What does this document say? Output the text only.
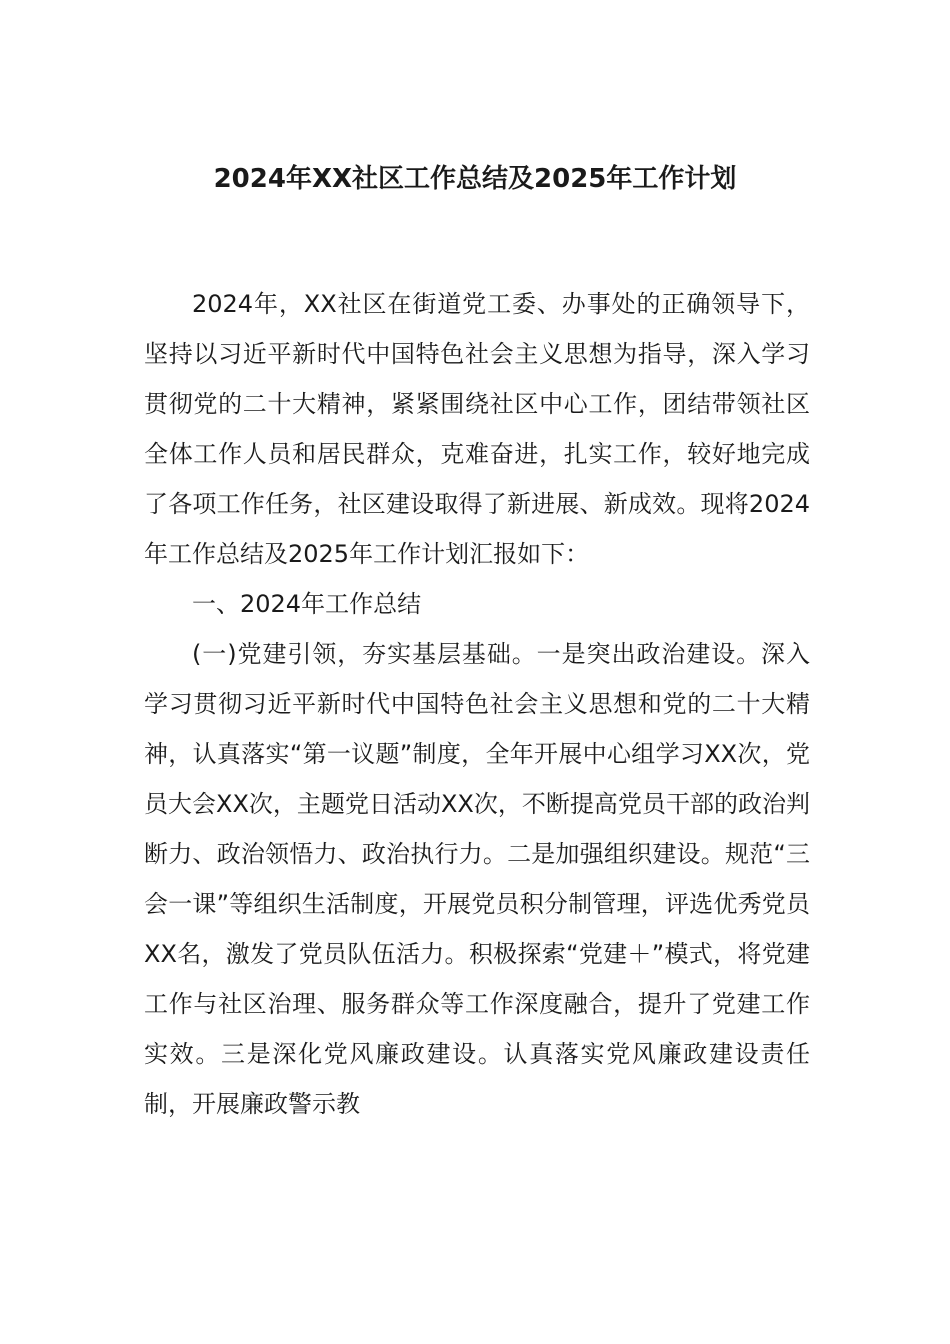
2024年XX社区工作总结及2025年工作计划

2024年，XX社区在街道党工委、办事处的正确领导下，坚持以习近平新时代中国特色社会主义思想为指导，深入学习贯彻党的二十大精神，紧紧围绕社区中心工作，团结带领社区全体工作人员和居民群众，克难奋进，扎实工作，较好地完成了各项工作任务，社区建设取得了新进展、新成效。现将2024年工作总结及2025年工作计划汇报如下：

一、2024年工作总结

(一)党建引领，夯实基层基础。一是突出政治建设。深入学习贯彻习近平新时代中国特色社会主义思想和党的二十大精神，认真落实“第一议题”制度，全年开展中心组学习XX次，党员大会XX次，主题党日活动XX次，不断提高党员干部的政治判断力、政治领悟力、政治执行力。二是加强组织建设。规范“三会一课”等组织生活制度，开展党员积分制管理，评选优秀党员XX名，激发了党员队伍活力。积极探索“党建＋”模式，将党建工作与社区治理、服务群众等工作深度融合，提升了党建工作实效。三是深化党风廉政建设。认真落实党风廉政建设责任制，开展廉政警示教
